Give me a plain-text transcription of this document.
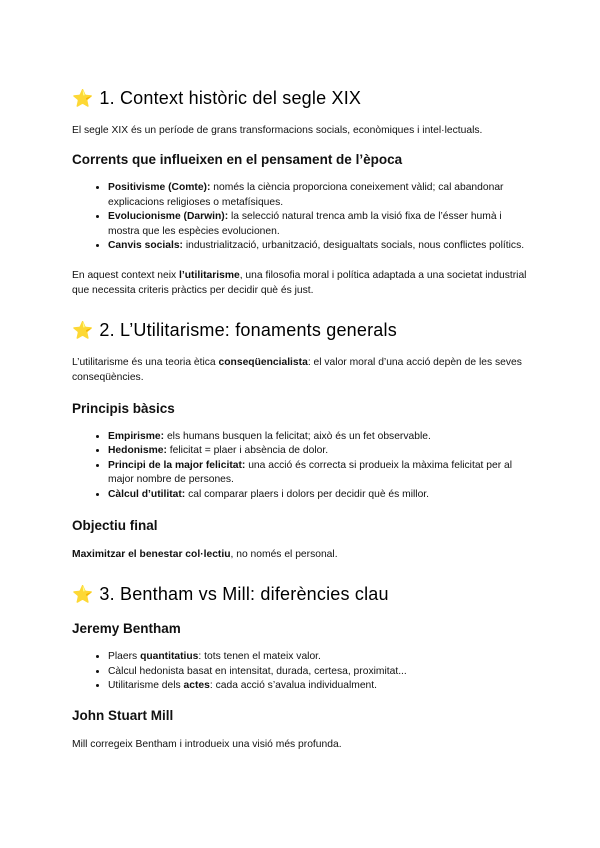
⭐ 1. Context històric del segle XIX

El segle XIX és un període de grans transformacions socials, econòmiques i intel·lectuals.

Corrents que influeixen en el pensament de l’època
• Positivisme (Comte): només la ciència proporciona coneixement vàlid; cal abandonar explicacions religioses o metafísiques.
• Evolucionisme (Darwin): la selecció natural trenca amb la visió fixa de l’ésser humà i mostra que les espècies evolucionen.
• Canvis socials: industrialització, urbanització, desigualtats socials, nous conflictes polítics.

En aquest context neix l’utilitarisme, una filosofia moral i política adaptada a una societat industrial que necessita criteris pràctics per decidir què és just.

⭐ 2. L’Utilitarisme: fonaments generals

L’utilitarisme és una teoria ètica conseqüencialista: el valor moral d’una acció depèn de les seves conseqüències.

Principis bàsics
• Empirisme: els humans busquen la felicitat; això és un fet observable.
• Hedonisme: felicitat = plaer i absència de dolor.
• Principi de la major felicitat: una acció és correcta si produeix la màxima felicitat per al major nombre de persones.
• Càlcul d’utilitat: cal comparar plaers i dolors per decidir què és millor.
Objectiu final

Maximitzar el benestar col·lectiu, no només el personal.

⭐ 3. Bentham vs Mill: diferències clau
Jeremy Bentham
• Plaers quantitatius: tots tenen el mateix valor.
• Càlcul hedonista basat en intensitat, durada, certesa, proximitat...
• Utilitarisme dels actes: cada acció s’avalua individualment.
John Stuart Mill

Mill corregeix Bentham i introdueix una visió més profunda.
